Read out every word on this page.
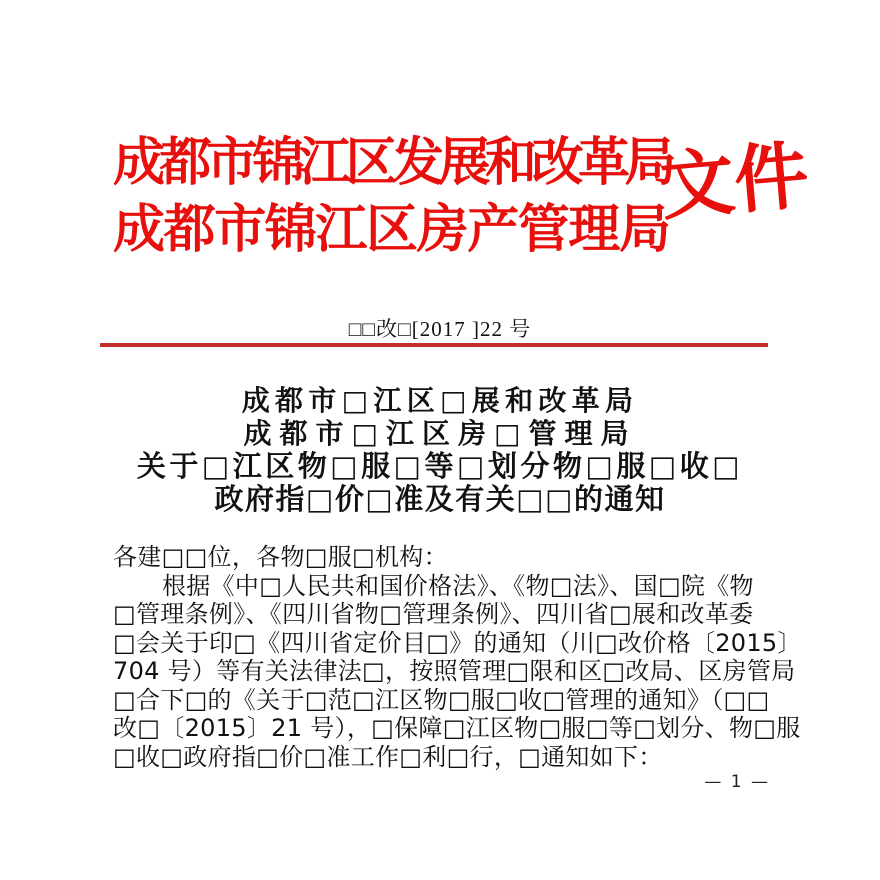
成都市锦江区发展和改革局
成都市锦江区房产管理局
文件
□□改□[2017 ]22 号
成都市□江区□展和改革局
成都市□江区房□管理局
关于□江区物□服□等□划分物□服□收□
政府指□价□准及有关□□的通知
各建□□位，各物□服□机构：
根据《中□人民共和国价格法》、《物□法》、国□院《物
□管理条例》、《四川省物□管理条例》、四川省□展和改革委
□会关于印□《四川省定价目□》的通知（川□改价格〔2015〕
704 号）等有关法律法□，按照管理□限和区□改局、区房管局
□合下□的《关于□范□江区物□服□收□管理的通知》（□□
改□〔2015〕21 号），□保障□江区物□服□等□划分、物□服
□收□政府指□价□准工作□利□行，□通知如下：
— 1 —
